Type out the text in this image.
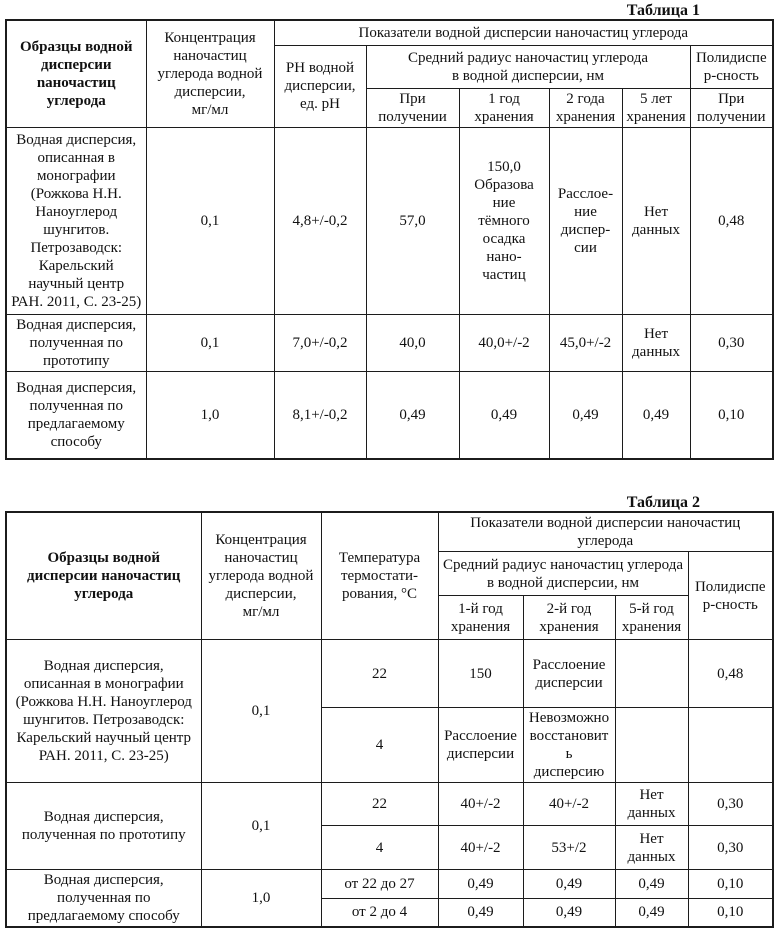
Таблица 1
Образцы водной
дисперсии
naночастиц
углерода	Концентрация
наночастиц
углерода водной
дисперсии,
мг/мл	Показатели водной дисперсии наночастиц углерода					
		РН водной
дисперсии,
ед. рН	Средний радиус наночастиц углерода
в водной дисперсии, нм				Полидиспе
р-сность
			При
получении	1 год
хранения	2 года
хранения	5 лет
хранения	При
получении
Водная дисперсия,
описанная в
монографии
(Рожкова Н.Н.
Наноуглерод
шунгитов.
Петрозаводск:
Карельский
научный центр
РАН. 2011, С. 23-25)	0,1	4,8+/-0,2	57,0	150,0
Образова
ние
тёмного
осадка
нано-
частиц	Расслое-
ние
диспер-
сии	Нет
данных	0,48
Водная дисперсия,
полученная по
прототипу	0,1	7,0+/-0,2	40,0	40,0+/-2	45,0+/-2	Нет
данных	0,30
Водная дисперсия,
полученная по
предлагаемому
способу	1,0	8,1+/-0,2	0,49	0,49	0,49	0,49	0,10
Таблица 2
Образцы водной
дисперсии наночастиц
углерода	Концентрация
наночастиц
углерода водной
дисперсии,
мг/мл	Температура
термостати-
рования, °С	Показатели водной дисперсии наночастиц углерода			
			Средний радиус наночастиц углерода
в водной дисперсии, нм			Полидиспе
р-сность
			1-й год
хранения	2-й год
хранения	5-й год
хранения	
Водная дисперсия,
описанная в монографии
(Рожкова Н.Н. Наноуглерод
шунгитов. Петрозаводск:
Карельский научный центр
РАН. 2011, С. 23-25)	0,1	22	150	Расслоение
дисперсии		0,48
		4	Расслоение
дисперсии	Невозможно
восстановить
дисперсию		
Водная дисперсия,
полученная по прототипу	0,1	22	40+/-2	40+/-2	Нет
данных	0,30
		4	40+/-2	53+/2	Нет
данных	0,30
Водная дисперсия,
полученная по
предлагаемому способу	1,0	от 22 до 27	0,49	0,49	0,49	0,10
		от 2 до 4	0,49	0,49	0,49	0,10
